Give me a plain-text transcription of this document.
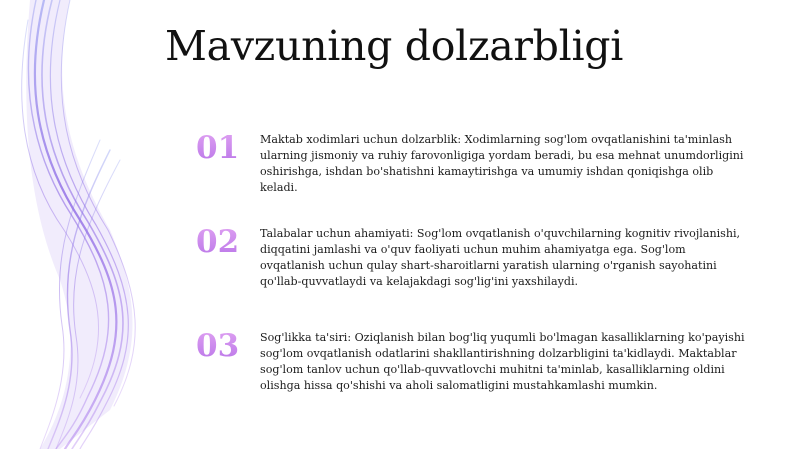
Mavzuning dolzarbligi
01	Maktab xodimlari uchun dolzarblik: Xodimlarning sog'lom ovqatlanishini ta'minlash ularning jismoniy va ruhiy farovonligiga yordam beradi, bu esa mehnat unumdorligini oshirishga, ishdan bo'shatishni kamaytirishga va umumiy ishdan qoniqishga olib keladi.
02	Talabalar uchun ahamiyati: Sog'lom ovqatlanish o'quvchilarning kognitiv rivojlanishi, diqqatini jamlashi va o'quv faoliyati uchun muhim ahamiyatga ega. Sog'lom ovqatlanish uchun qulay shart-sharoitlarni yaratish ularning o'rganish sayohatini qo'llab-quvvatlaydi va kelajakdagi sog'lig'ini yaxshilaydi.
03	Sog'likka ta'siri: Oziqlanish bilan bog'liq yuqumli bo'lmagan kasalliklarning ko'payishi sog'lom ovqatlanish odatlarini shakllantirishning dolzarbligini ta'kidlaydi. Maktablar sog'lom tanlov uchun qo'llab-quvvatlovchi muhitni ta'minlab, kasalliklarning oldini olishga hissa qo'shishi va aholi salomatligini mustahkamlashi mumkin.
